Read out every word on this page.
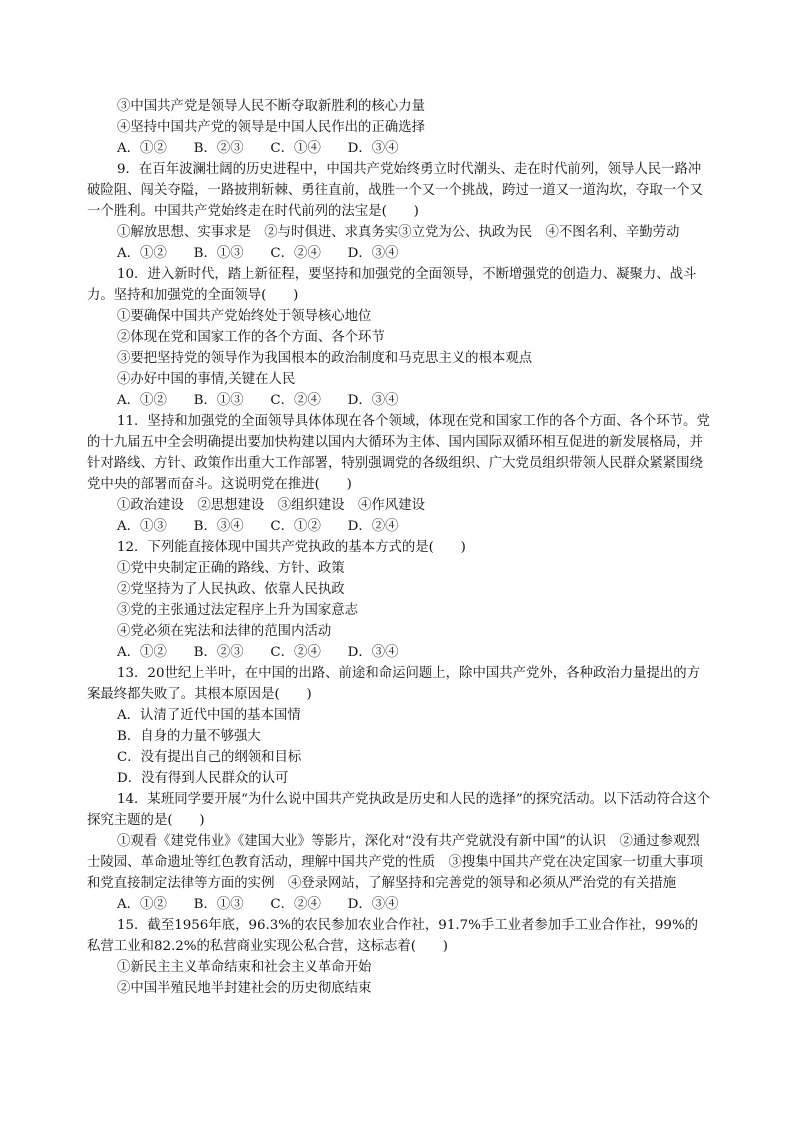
③中国共产党是领导人民不断夺取新胜利的核心力量
④坚持中国共产党的领导是中国人民作出的正确选择
A．①②　　B．②③　　C．①④　　D．③④
9．在百年波澜壮阔的历史进程中，中国共产党始终勇立时代潮头、走在时代前列，领导人民一路冲破险阻、闯关夺隘，一路披荆斩棘、勇往直前，战胜一个又一个挑战，跨过一道又一道沟坎，夺取一个又一个胜利。中国共产党始终走在时代前列的法宝是(　　)
①解放思想、实事求是　②与时俱进、求真务实③立党为公、执政为民　④不图名利、辛勤劳动
A．①②　　B．①③　　C．②④　　D．③④
10．进入新时代，踏上新征程，要坚持和加强党的全面领导，不断增强党的创造力、凝聚力、战斗力。坚持和加强党的全面领导(　　)
①要确保中国共产党始终处于领导核心地位
②体现在党和国家工作的各个方面、各个环节
③要把坚持党的领导作为我国根本的政治制度和马克思主义的根本观点
④办好中国的事情,关键在人民
A．①②　　B．①③　　C．②④　　D．③④
11．坚持和加强党的全面领导具体体现在各个领域，体现在党和国家工作的各个方面、各个环节。党的十九届五中全会明确提出要加快构建以国内大循环为主体、国内国际双循环相互促进的新发展格局，并针对路线、方针、政策作出重大工作部署，特别强调党的各级组织、广大党员组织带领人民群众紧紧围绕党中央的部署而奋斗。这说明党在推进(　　)
①政治建设　②思想建设　③组织建设　④作风建设
A．①③　　B．③④　　C．①②　　D．②④
12．下列能直接体现中国共产党执政的基本方式的是(　　)
①党中央制定正确的路线、方针、政策
②党坚持为了人民执政、依靠人民执政
③党的主张通过法定程序上升为国家意志
④党必须在宪法和法律的范围内活动
A．①②　　B．②③　　C．②④　　D．③④
13．20世纪上半叶，在中国的出路、前途和命运问题上，除中国共产党外，各种政治力量提出的方案最终都失败了。其根本原因是(　　)
A．认清了近代中国的基本国情
B．自身的力量不够强大
C．没有提出自己的纲领和目标
D．没有得到人民群众的认可
14．某班同学要开展“为什么说中国共产党执政是历史和人民的选择”的探究活动。以下活动符合这个探究主题的是(　　)
①观看《建党伟业》《建国大业》等影片，深化对“没有共产党就没有新中国”的认识　②通过参观烈士陵园、革命遗址等红色教育活动，理解中国共产党的性质　③搜集中国共产党在决定国家一切重大事项和党直接制定法律等方面的实例　④登录网站，了解坚持和完善党的领导和必须从严治党的有关措施
A．①②　　B．①③　　C．②④　　D．③④
15．截至1956年底，96.3%的农民参加农业合作社，91.7%手工业者参加手工业合作社，99%的私营工业和82.2%的私营商业实现公私合营，这标志着(　　)
①新民主主义革命结束和社会主义革命开始
②中国半殖民地半封建社会的历史彻底结束
